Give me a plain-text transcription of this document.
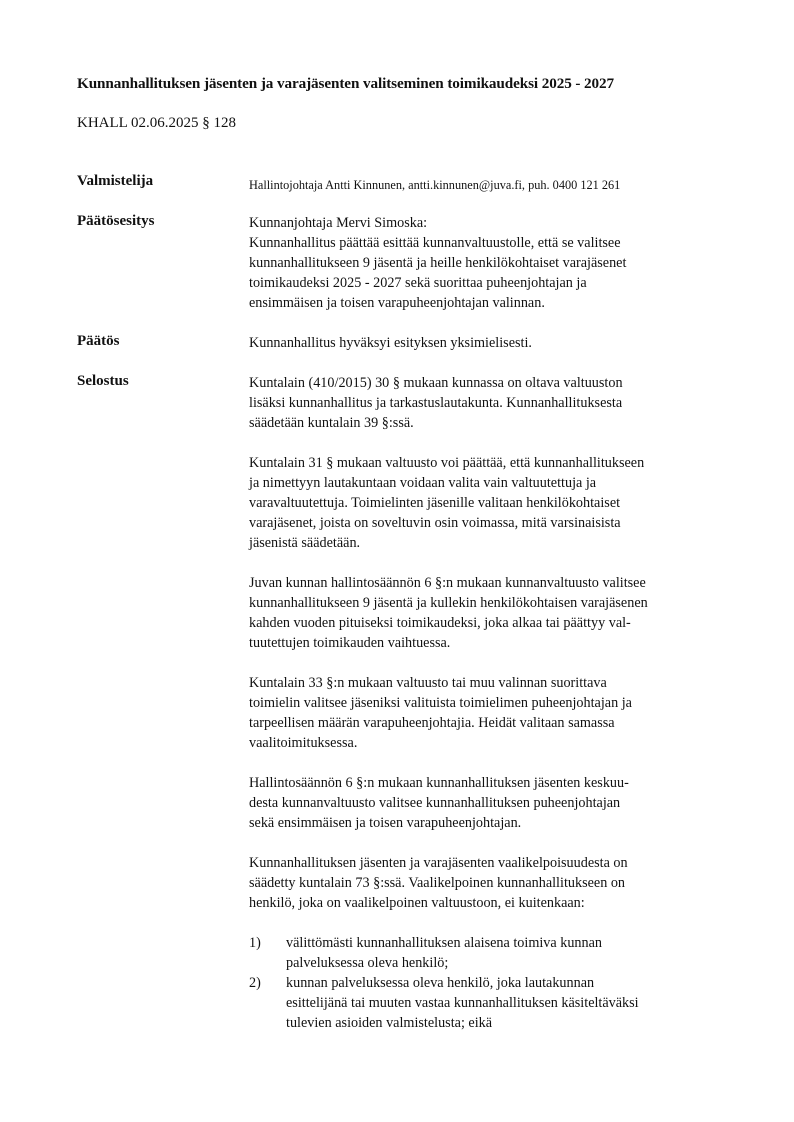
Kunnanhallituksen jäsenten ja varajäsenten valitseminen toimikaudeksi 2025 - 2027
KHALL 02.06.2025 § 128
Valmistelija	Hallintojohtaja Antti Kinnunen, antti.kinnunen@juva.fi, puh. 0400 121 261
Päätösesitys	Kunnanjohtaja Mervi Simoska:
Kunnanhallitus päättää esittää kunnanvaltuustolle, että se valitsee
kunnanhallitukseen 9 jäsentä ja heille henkilökohtaiset varajäsenet
toimikaudeksi 2025 - 2027 sekä suorittaa puheenjohtajan ja
ensimmäisen ja toisen varapuheenjohtajan valinnan.
Päätös	Kunnanhallitus hyväksyi esityksen yksimielisesti.
Selostus	Kuntalain (410/2015) 30 § mukaan kunnassa on oltava valtuuston
lisäksi kunnanhallitus ja tarkastuslautakunta. Kunnanhallituksesta
säädetään kuntalain 39 §:ssä.
Kuntalain 31 § mukaan valtuusto voi päättää, että kunnanhallitukseen
ja nimettyyn lautakuntaan voidaan valita vain valtuutettuja ja
varavaltuutettuja. Toimielinten jäsenille valitaan henkilökohtaiset
varajäsenet, joista on soveltuvin osin voimassa, mitä varsinaisista
jäsenistä säädetään.
Juvan kunnan hallintosäännön 6 §:n mukaan kunnanvaltuusto valitsee
kunnanhallitukseen 9 jäsentä ja kullekin henkilökohtaisen varajäsenen
kahden vuoden pituiseksi toimikaudeksi, joka alkaa tai päättyy val-
tuutettujen toimikauden vaihtuessa.
Kuntalain 33 §:n mukaan valtuusto tai muu valinnan suorittava
toimielin valitsee jäseniksi valituista toimielimen puheenjohtajan ja
tarpeellisen määrän varapuheenjohtajia. Heidät valitaan samassa
vaalitoimituksessa.
Hallintosäännön 6 §:n mukaan kunnanhallituksen jäsenten keskuu-
desta kunnanvaltuusto valitsee kunnanhallituksen puheenjohtajan
sekä ensimmäisen ja toisen varapuheenjohtajan.
Kunnanhallituksen jäsenten ja varajäsenten vaalikelpoisuudesta on
säädetty kuntalain 73 §:ssä. Vaalikelpoinen kunnanhallitukseen on
henkilö, joka on vaalikelpoinen valtuustoon, ei kuitenkaan:
1)	välittömästi kunnanhallituksen alaisena toimiva kunnan
palveluksessa oleva henkilö;
2)	kunnan palveluksessa oleva henkilö, joka lautakunnan
esittelijänä tai muuten vastaa kunnanhallituksen käsiteltäväksi
tulevien asioiden valmistelusta; eikä
